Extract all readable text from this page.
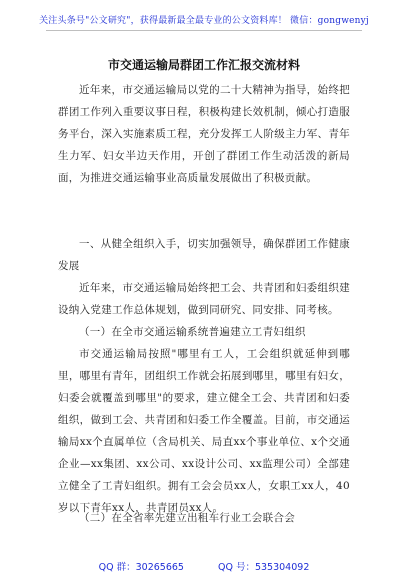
关注头条号"公文研究"，获得最新最全最专业的公文资料库！ 微信：gongwenyj
市交通运输局群团工作汇报交流材料

近年来，市交通运输局以党的二十大精神为指导，始终把群团工作列入重要议事日程，积极构建长效机制，倾心打造服务平台，深入实施素质工程，充分发挥工人阶级主力军、青年生力军、妇女半边天作用，开创了群团工作生动活泼的新局面，为推进交通运输事业高质量发展做出了积极贡献。

一、从健全组织入手，切实加强领导，确保群团工作健康发展

近年来，市交通运输局始终把工会、共青团和妇委组织建设纳入党建工作总体规划，做到同研究、同安排、同考核。

（一）在全市交通运输系统普遍建立工青妇组织

市交通运输局按照"哪里有工人，工会组织就延伸到哪里，哪里有青年，团组织工作就会拓展到哪里，哪里有妇女，妇委会就覆盖到哪里"的要求，建立健全工会、共青团和妇委组织，做到工会、共青团和妇委工作全覆盖。目前，市交通运输局xx个直属单位（含局机关、局直xx个事业单位、x个交通企业—xx集团、xx公司、xx设计公司、xx监理公司）全部建立健全了工青妇组织。拥有工会会员xx人，女职工xx人，40岁以下青年xx人，共青团员xx人。

（二）在全省率先建立出租车行业工会联合会

QQ 群：30265665	QQ 号：535304092
